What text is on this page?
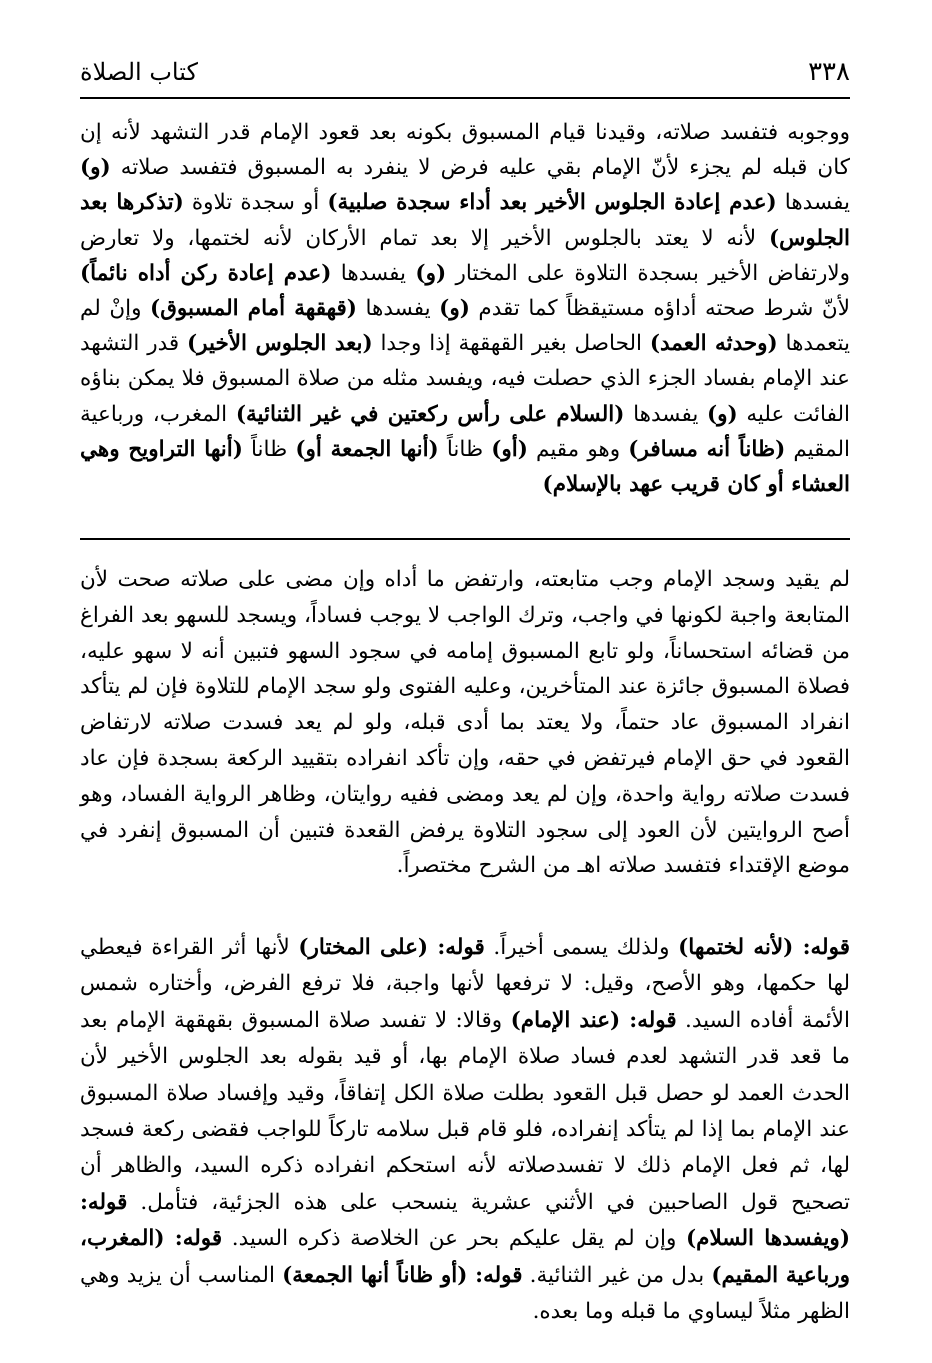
٣٣٨
كتاب الصلاة

ووجوبه فتفسد صلاته، وقيدنا قيام المسبوق بكونه بعد قعود الإمام قدر التشهد لأنه إن كان قبله لم يجزء لأنّ الإمام بقي عليه فرض لا ينفرد به المسبوق فتفسد صلاته (و) يفسدها (عدم إعادة الجلوس الأخير بعد أداء سجدة صلبية) أو سجدة تلاوة (تذكرها بعد الجلوس) لأنه لا يعتد بالجلوس الأخير إلا بعد تمام الأركان لأنه لختمها، ولا تعارض ولارتفاض الأخير بسجدة التلاوة على المختار (و) يفسدها (عدم إعادة ركن أداه نائماً) لأنّ شرط صحته أداؤه مستيقظاً كما تقدم (و) يفسدها (قهقهة أمام المسبوق) وإنْ لم يتعمدها (وحدثه العمد) الحاصل بغير القهقهة إذا وجدا (بعد الجلوس الأخير) قدر التشهد عند الإمام بفساد الجزء الذي حصلت فيه، ويفسد مثله من صلاة المسبوق فلا يمكن بناؤه الفائت عليه (و) يفسدها (السلام على رأس ركعتين في غير الثنائية) المغرب، ورباعية المقيم (ظاناً أنه مسافر) وهو مقيم (أو) ظاناً (أنها الجمعة أو) ظاناً (أنها التراويح وهي العشاء أو كان قريب عهد بالإسلام)

لم يقيد وسجد الإمام وجب متابعته، وارتفض ما أداه وإن مضى على صلاته صحت لأن المتابعة واجبة لكونها في واجب، وترك الواجب لا يوجب فساداً، ويسجد للسهو بعد الفراغ من قضائه استحساناً، ولو تابع المسبوق إمامه في سجود السهو فتبين أنه لا سهو عليه، فصلاة المسبوق جائزة عند المتأخرين، وعليه الفتوى ولو سجد الإمام للتلاوة فإن لم يتأكد انفراد المسبوق عاد حتماً، ولا يعتد بما أدى قبله، ولو لم يعد فسدت صلاته لارتفاض القعود في حق الإمام فيرتفض في حقه، وإن تأكد انفراده بتقييد الركعة بسجدة فإن عاد فسدت صلاته رواية واحدة، وإن لم يعد ومضى ففيه روايتان، وظاهر الرواية الفساد، وهو أصح الروايتين لأن العود إلى سجود التلاوة يرفض القعدة فتبين أن المسبوق إنفرد في موضع الإقتداء فتفسد صلاته اهـ من الشرح مختصراً.

قوله: (لأنه لختمها) ولذلك يسمى أخيراً. قوله: (على المختار) لأنها أثر القراءة فيعطي لها حكمها، وهو الأصح، وقيل: لا ترفعها لأنها واجبة، فلا ترفع الفرض، وأختاره شمس الأئمة أفاده السيد. قوله: (عند الإمام) وقالا: لا تفسد صلاة المسبوق بقهقهة الإمام بعد ما قعد قدر التشهد لعدم فساد صلاة الإمام بها، أو قيد بقوله بعد الجلوس الأخير لأن الحدث العمد لو حصل قبل القعود بطلت صلاة الكل إتفاقاً، وقيد وإفساد صلاة المسبوق عند الإمام بما إذا لم يتأكد إنفراده، فلو قام قبل سلامه تاركاً للواجب فقضى ركعة فسجد لها، ثم فعل الإمام ذلك لا تفسدصلاته لأنه استحكم انفراده ذكره السيد، والظاهر أن تصحيح قول الصاحبين في الأثني عشرية ينسحب على هذه الجزئية، فتأمل. قوله: (ويفسدها السلام) وإن لم يقل عليكم بحر عن الخلاصة ذكره السيد. قوله: (المغرب، ورباعية المقيم) بدل من غير الثنائية. قوله: (أو ظاناً أنها الجمعة) المناسب أن يزيد وهي الظهر مثلاً ليساوي ما قبله وما بعده.
